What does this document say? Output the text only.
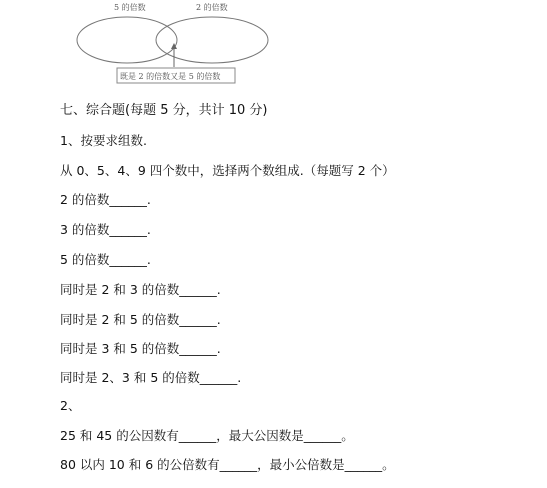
5 的倍数	2 的倍数
既是 2 的倍数又是 5 的倍数
七、综合题(每题 5 分，共计 10 分)
1、按要求组数.
从 0、5、4、9 四个数中，选择两个数组成.（每题写 2 个）
2 的倍数______.
3 的倍数______.
5 的倍数______.
同时是 2 和 3 的倍数______.
同时是 2 和 5 的倍数______.
同时是 3 和 5 的倍数______.
同时是 2、3 和 5 的倍数______.
2、
25 和 45 的公因数有______，最大公因数是______。
80 以内 10 和 6 的公倍数有______，最小公倍数是______。
